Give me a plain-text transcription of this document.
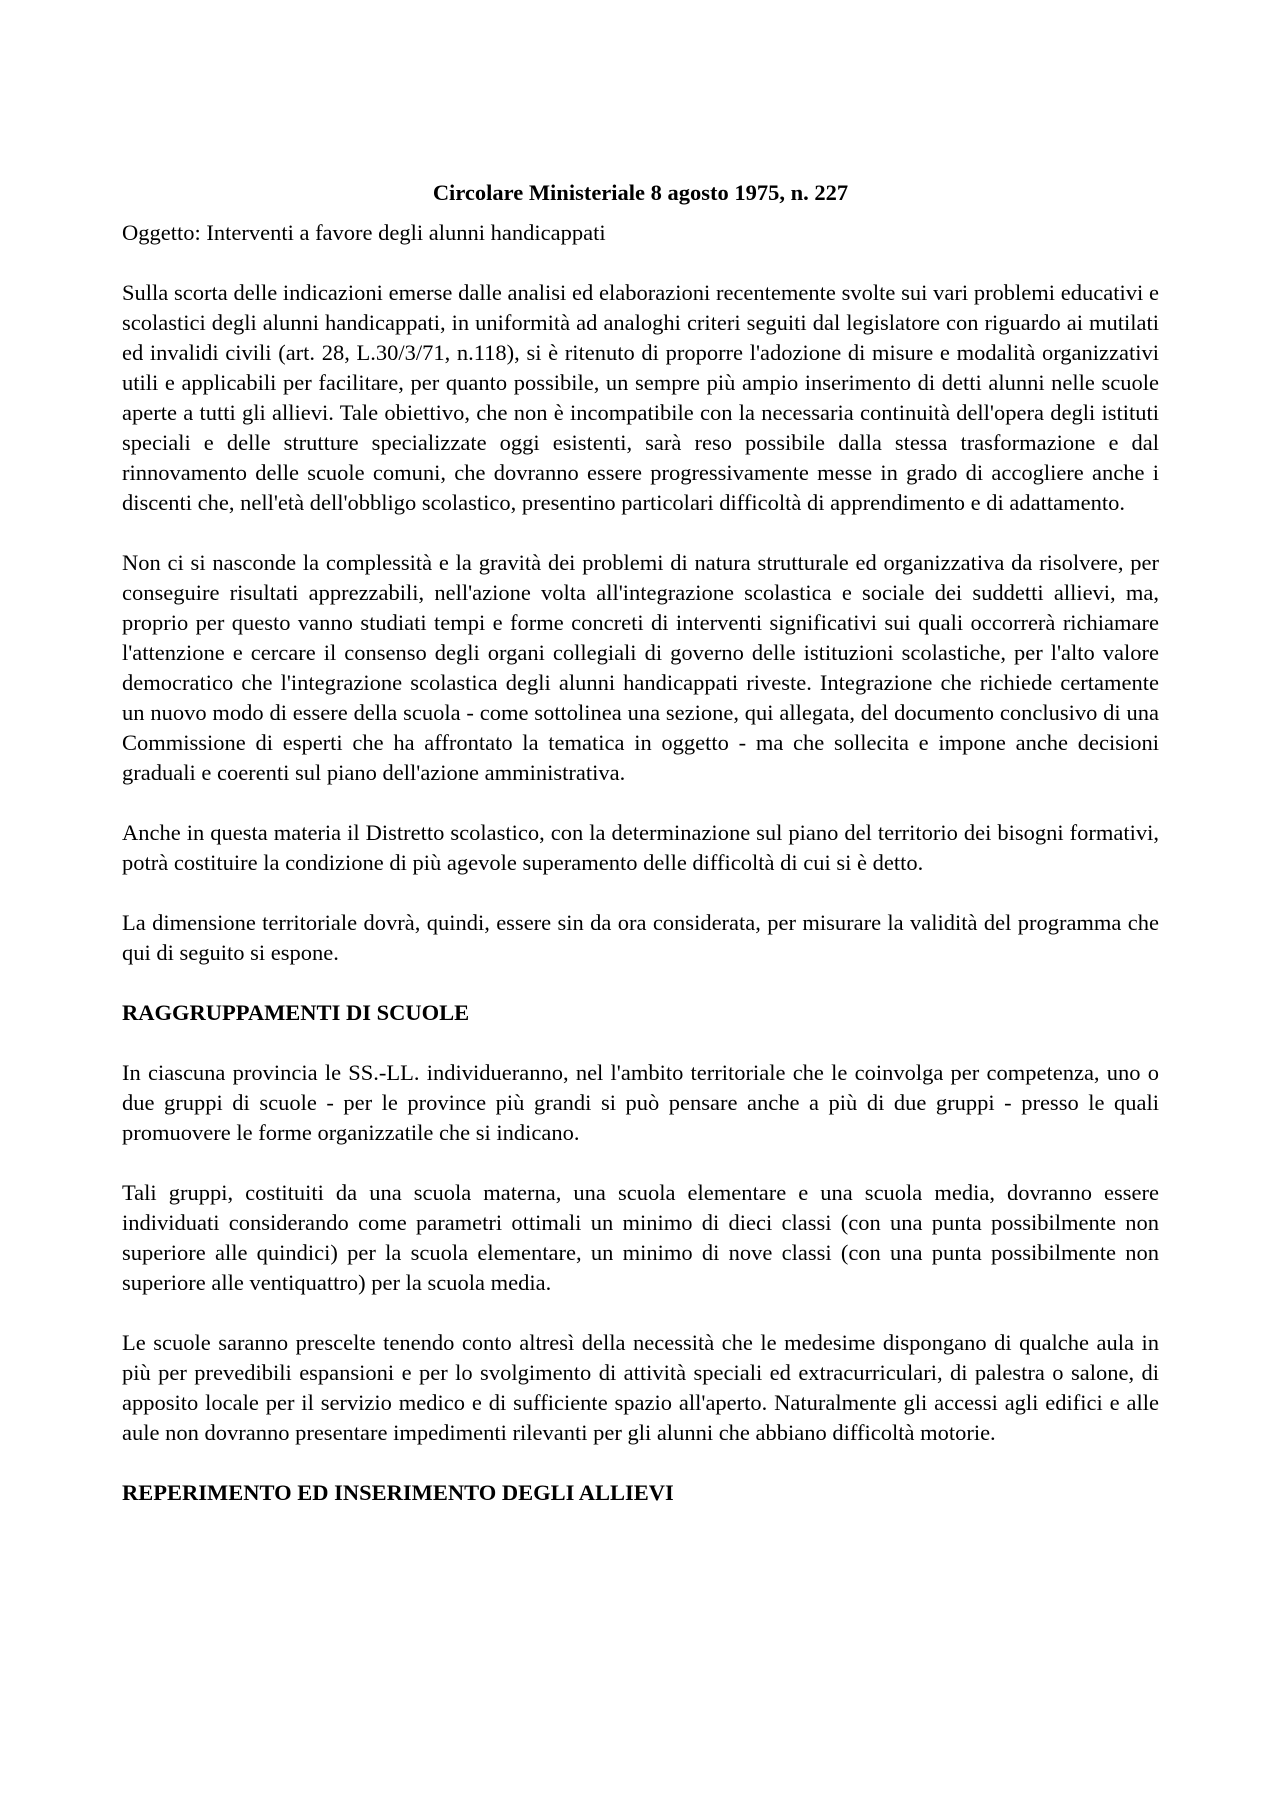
Circolare Ministeriale 8 agosto 1975, n. 227
Oggetto: Interventi a favore degli alunni handicappati

Sulla scorta delle indicazioni emerse dalle analisi ed elaborazioni recentemente svolte sui vari problemi educativi e scolastici degli alunni handicappati, in uniformità ad analoghi criteri seguiti dal legislatore con riguardo ai mutilati ed invalidi civili (art. 28, L.30/3/71, n.118), si è ritenuto di proporre l'adozione di misure e modalità organizzativi utili e applicabili per facilitare, per quanto possibile, un sempre più ampio inserimento di detti alunni nelle scuole aperte a tutti gli allievi. Tale obiettivo, che non è incompatibile con la necessaria continuità dell'opera degli istituti speciali e delle strutture specializzate oggi esistenti, sarà reso possibile dalla stessa trasformazione e dal rinnovamento delle scuole comuni, che dovranno essere progressivamente messe in grado di accogliere anche i discenti che, nell'età dell'obbligo scolastico, presentino particolari difficoltà di apprendimento e di adattamento.

Non ci si nasconde la complessità e la gravità dei problemi di natura strutturale ed organizzativa da risolvere, per conseguire risultati apprezzabili, nell'azione volta all'integrazione scolastica e sociale dei suddetti allievi, ma, proprio per questo vanno studiati tempi e forme concreti di interventi significativi sui quali occorrerà richiamare l'attenzione e cercare il consenso degli organi collegiali di governo delle istituzioni scolastiche, per l'alto valore democratico che l'integrazione scolastica degli alunni handicappati riveste. Integrazione che richiede certamente un nuovo modo di essere della scuola - come sottolinea una sezione, qui allegata, del documento conclusivo di una Commissione di esperti che ha affrontato la tematica in oggetto - ma che sollecita e impone anche decisioni graduali e coerenti sul piano dell'azione amministrativa.

Anche in questa materia il Distretto scolastico, con la determinazione sul piano del territorio dei bisogni formativi, potrà costituire la condizione di più agevole superamento delle difficoltà di cui si è detto.

La dimensione territoriale dovrà, quindi, essere sin da ora considerata, per misurare la validità del programma che qui di seguito si espone.

RAGGRUPPAMENTI DI SCUOLE

In ciascuna provincia le SS.-LL. individueranno, nel l'ambito territoriale che le coinvolga per competenza, uno o due gruppi di scuole - per le province più grandi si può pensare anche a più di due gruppi - presso le quali promuovere le forme organizzatile che si indicano.

Tali gruppi, costituiti da una scuola materna, una scuola elementare e una scuola media, dovranno essere individuati considerando come parametri ottimali un minimo di dieci classi (con una punta possibilmente non superiore alle quindici) per la scuola elementare, un minimo di nove classi (con una punta possibilmente non superiore alle ventiquattro) per la scuola media.

Le scuole saranno prescelte tenendo conto altresì della necessità che le medesime dispongano di qualche aula in più per prevedibili espansioni e per lo svolgimento di attività speciali ed extracurriculari, di palestra o salone, di apposito locale per il servizio medico e di sufficiente spazio all'aperto. Naturalmente gli accessi agli edifici e alle aule non dovranno presentare impedimenti rilevanti per gli alunni che abbiano difficoltà motorie.

REPERIMENTO ED INSERIMENTO DEGLI ALLIEVI
